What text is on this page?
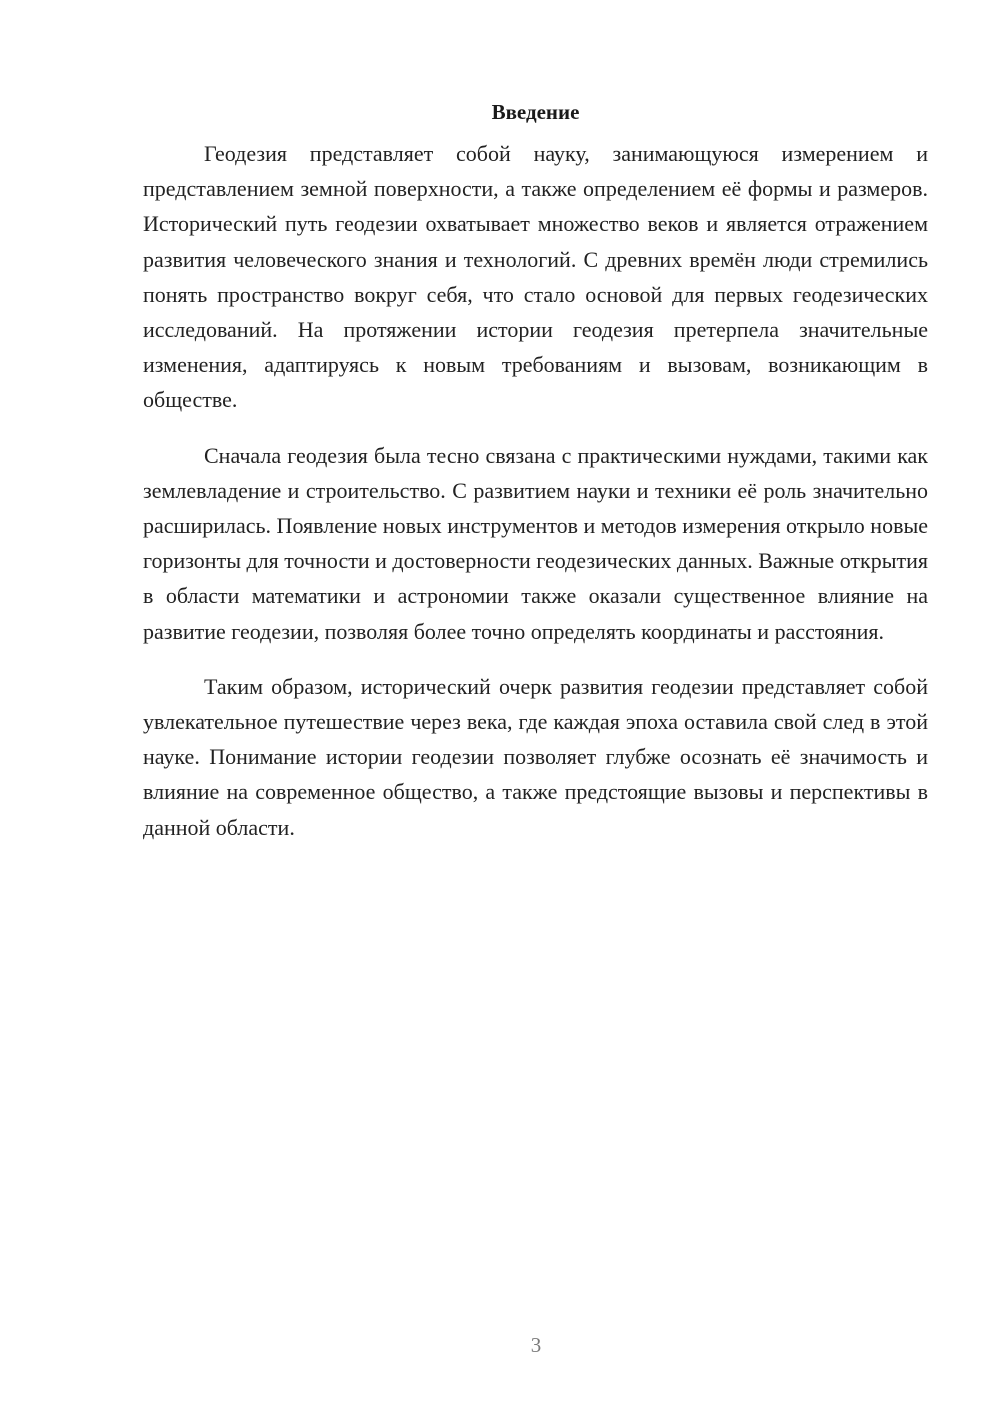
Введение

Геодезия представляет собой науку, занимающуюся измерением и представлением земной поверхности, а также определением её формы и размеров. Исторический путь геодезии охватывает множество веков и является отражением развития человеческого знания и технологий. С древних времён люди стремились понять пространство вокруг себя, что стало основой для первых геодезических исследований. На протяжении истории геодезия претерпела значительные изменения, адаптируясь к новым требованиям и вызовам, возникающим в обществе.

Сначала геодезия была тесно связана с практическими нуждами, такими как землевладение и строительство. С развитием науки и техники её роль значительно расширилась. Появление новых инструментов и методов измерения открыло новые горизонты для точности и достоверности геодезических данных. Важные открытия в области математики и астрономии также оказали существенное влияние на развитие геодезии, позволяя более точно определять координаты и расстояния.

Таким образом, исторический очерк развития геодезии представляет собой увлекательное путешествие через века, где каждая эпоха оставила свой след в этой науке. Понимание истории геодезии позволяет глубже осознать её значимость и влияние на современное общество, а также предстоящие вызовы и перспективы в данной области.

3
